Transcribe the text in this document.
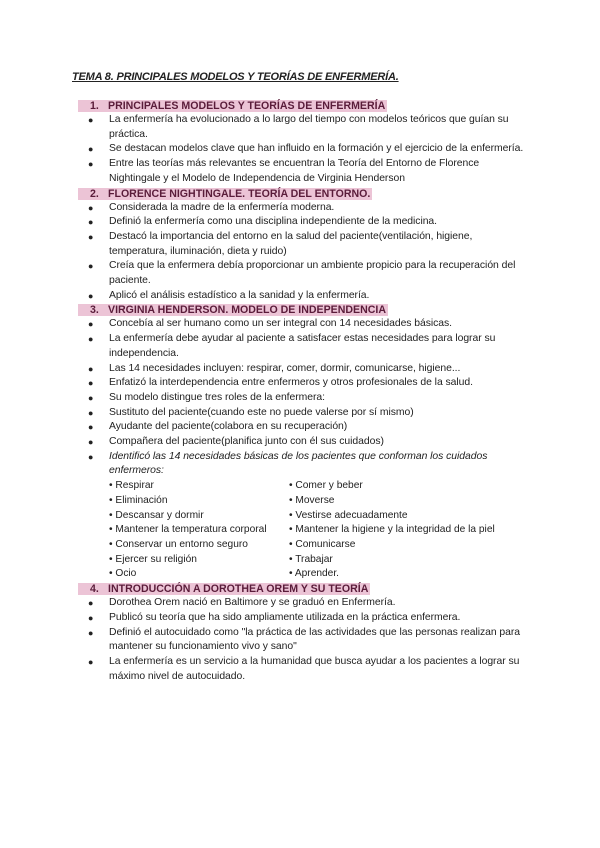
TEMA 8. PRINCIPALES MODELOS Y TEORÍAS DE ENFERMERÍA.
1. PRINCIPALES MODELOS Y TEORÍAS DE ENFERMERÍA
● La enfermería ha evolucionado a lo largo del tiempo con modelos teóricos que guían su práctica.
● Se destacan modelos clave que han influido en la formación y el ejercicio de la enfermería.
● Entre las teorías más relevantes se encuentran la Teoría del Entorno de Florence Nightingale y el Modelo de Independencia de Virginia Henderson
2. FLORENCE NIGHTINGALE. TEORÍA DEL ENTORNO.
● Considerada la madre de la enfermería moderna.
● Definió la enfermería como una disciplina independiente de la medicina.
● Destacó la importancia del entorno en la salud del paciente(ventilación, higiene, temperatura, iluminación, dieta y ruido)
● Creía que la enfermera debía proporcionar un ambiente propicio para la recuperación del paciente.
● Aplicó el análisis estadístico a la sanidad y la enfermería.
3. VIRGINIA HENDERSON. MODELO DE INDEPENDENCIA
● Concebía al ser humano como un ser integral con 14 necesidades básicas.
● La enfermería debe ayudar al paciente a satisfacer estas necesidades para lograr su independencia.
● Las 14 necesidades incluyen: respirar, comer, dormir, comunicarse, higiene...
● Enfatizó la interdependencia entre enfermeros y otros profesionales de la salud.
● Su modelo distingue tres roles de la enfermera:
● Sustituto del paciente(cuando este no puede valerse por sí mismo)
● Ayudante del paciente(colabora en su recuperación)
● Compañera del paciente(planifica junto con él sus cuidados)
● Identificó las 14 necesidades básicas de los pacientes que conforman los cuidados enfermeros:
• Respirar
• Eliminación
• Descansar y dormir
• Mantener la temperatura corporal
• Conservar un entorno seguro
• Ejercer su religión
• Ocio
• Comer y beber
• Moverse
• Vestirse adecuadamente
• Mantener la higiene y la integridad de la piel
• Comunicarse
• Trabajar
• Aprender.
4. INTRODUCCIÓN A DOROTHEA OREM Y SU TEORÍA
● Dorothea Orem nació en Baltimore y se graduó en Enfermería.
● Publicó su teoría que ha sido ampliamente utilizada en la práctica enfermera.
● Definió el autocuidado como "la práctica de las actividades que las personas realizan para mantener su funcionamiento vivo y sano"
● La enfermería es un servicio a la humanidad que busca ayudar a los pacientes a lograr su máximo nivel de autocuidado.
